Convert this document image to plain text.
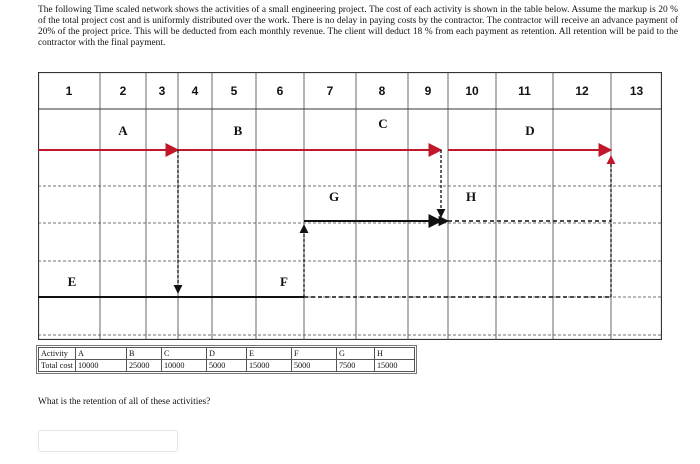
The following Time scaled network shows the activities of a small engineering project. The cost of each activity is shown in the table below. Assume the markup is 20 % of the total project cost and is uniformly distributed over the work. There is no delay in paying costs by the contractor. The contractor will receive an advance payment of 20% of the project price. This will be deducted from each monthly revenue. The client will deduct 18 % from each payment as retention. All retention will be paid to the contractor with the final payment.
1	2	3 4	5	6	7	8	9	10	11	12	13
A	B	C	D
G	H
E	F
Activity	A	B	C	D	E	F	G	H
Total cost	10000	25000	10000	5000	15000	5000	7500	15000
What is the retention of all of these activities?
